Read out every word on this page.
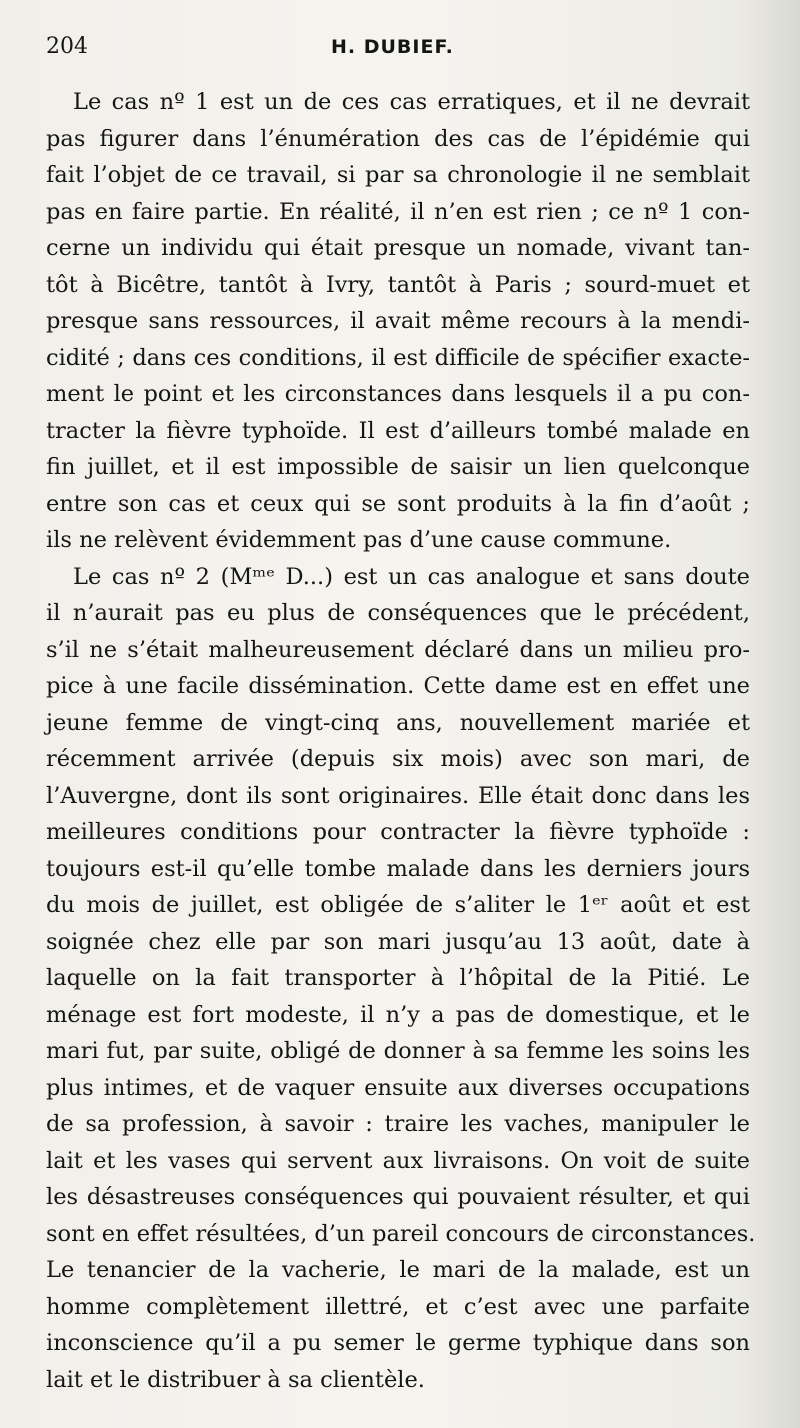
204	H. DUBIEF.
Le cas nº 1 est un de ces cas erratiques, et il ne devrait
pas figurer dans l’énumération des cas de l’épidémie qui
fait l’objet de ce travail, si par sa chronologie il ne semblait
pas en faire partie. En réalité, il n’en est rien ; ce nº 1 con-
cerne un individu qui était presque un nomade, vivant tan-
tôt à Bicêtre, tantôt à Ivry, tantôt à Paris ; sourd-muet et
presque sans ressources, il avait même recours à la mendi-
cidité ; dans ces conditions, il est difficile de spécifier exacte-
ment le point et les circonstances dans lesquels il a pu con-
tracter la fièvre typhoïde. Il est d’ailleurs tombé malade en
fin juillet, et il est impossible de saisir un lien quelconque
entre son cas et ceux qui se sont produits à la fin d’août ;
ils ne relèvent évidemment pas d’une cause commune.
Le cas nº 2 (Mᵐᵉ D...) est un cas analogue et sans doute
il n’aurait pas eu plus de conséquences que le précédent,
s’il ne s’était malheureusement déclaré dans un milieu pro-
pice à une facile dissémination. Cette dame est en effet une
jeune femme de vingt-cinq ans, nouvellement mariée et
récemment arrivée (depuis six mois) avec son mari, de
l’Auvergne, dont ils sont originaires. Elle était donc dans les
meilleures conditions pour contracter la fièvre typhoïde :
toujours est-il qu’elle tombe malade dans les derniers jours
du mois de juillet, est obligée de s’aliter le 1ᵉʳ août et est
soignée chez elle par son mari jusqu’au 13 août, date à
laquelle on la fait transporter à l’hôpital de la Pitié. Le
ménage est fort modeste, il n’y a pas de domestique, et le
mari fut, par suite, obligé de donner à sa femme les soins les
plus intimes, et de vaquer ensuite aux diverses occupations
de sa profession, à savoir : traire les vaches, manipuler le
lait et les vases qui servent aux livraisons. On voit de suite
les désastreuses conséquences qui pouvaient résulter, et qui
sont en effet résultées, d’un pareil concours de circonstances.
Le tenancier de la vacherie, le mari de la malade, est un
homme complètement illettré, et c’est avec une parfaite
inconscience qu’il a pu semer le germe typhique dans son
lait et le distribuer à sa clientèle.
